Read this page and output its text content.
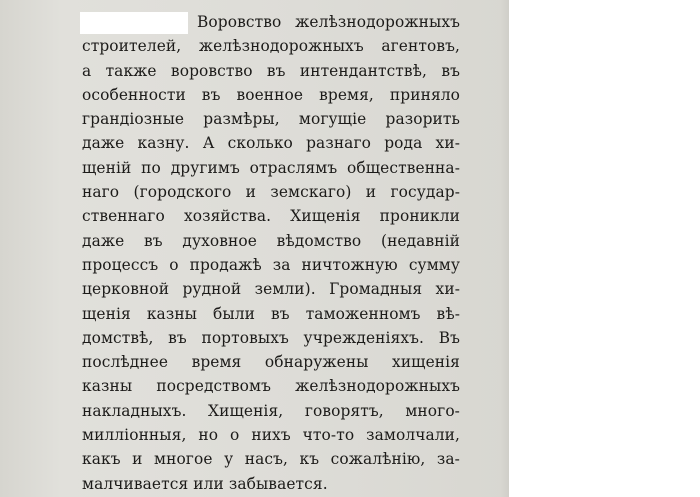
Воровство желѣзнодорожныхъ
строителей, желѣзнодорожныхъ агентовъ,
а также воровство въ интендантствѣ, въ
особенности въ военное время, приняло
грандіозные размѣры, могущіе разорить
даже казну. А сколько разнаго рода хи-
щеній по другимъ отраслямъ общественна-
наго (городского и земскаго) и государ-
ственнаго хозяйства. Хищенія проникли
даже въ духовное вѣдомство (недавній
процессъ о продажѣ за ничтожную сумму
церковной рудной земли). Громадныя хи-
щенія казны были въ таможенномъ вѣ-
домствѣ, въ портовыхъ учрежденіяхъ. Въ
послѣднее время обнаружены хищенія
казны посредствомъ желѣзнодорожныхъ
накладныхъ. Хищенія, говорятъ, много-
милліонныя, но о нихъ что-то замолчали,
какъ и многое у насъ, къ сожалѣнію, за-
малчивается или забывается.
